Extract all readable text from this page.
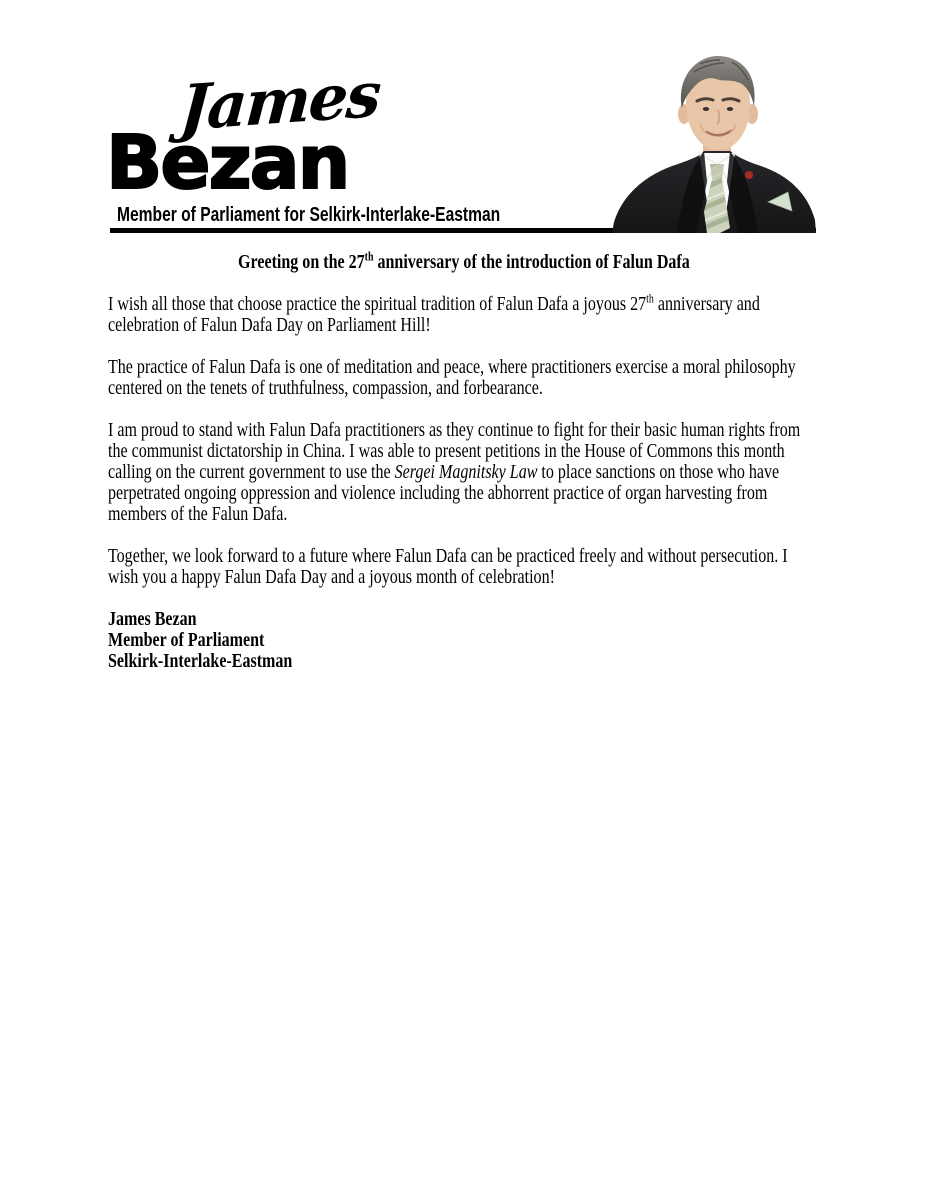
James
Bezan
Member of Parliament for Selkirk-Interlake-Eastman
Greeting on the 27th anniversary of the introduction of Falun Dafa

I wish all those that choose practice the spiritual tradition of Falun Dafa a joyous 27th anniversary and celebration of Falun Dafa Day on Parliament Hill!

The practice of Falun Dafa is one of meditation and peace, where practitioners exercise a moral philosophy centered on the tenets of truthfulness, compassion, and forbearance.

I am proud to stand with Falun Dafa practitioners as they continue to fight for their basic human rights from the communist dictatorship in China. I was able to present petitions in the House of Commons this month calling on the current government to use the Sergei Magnitsky Law to place sanctions on those who have perpetrated ongoing oppression and violence including the abhorrent practice of organ harvesting from members of the Falun Dafa.

Together, we look forward to a future where Falun Dafa can be practiced freely and without persecution. I wish you a happy Falun Dafa Day and a joyous month of celebration!

James Bezan
Member of Parliament
Selkirk-Interlake-Eastman
